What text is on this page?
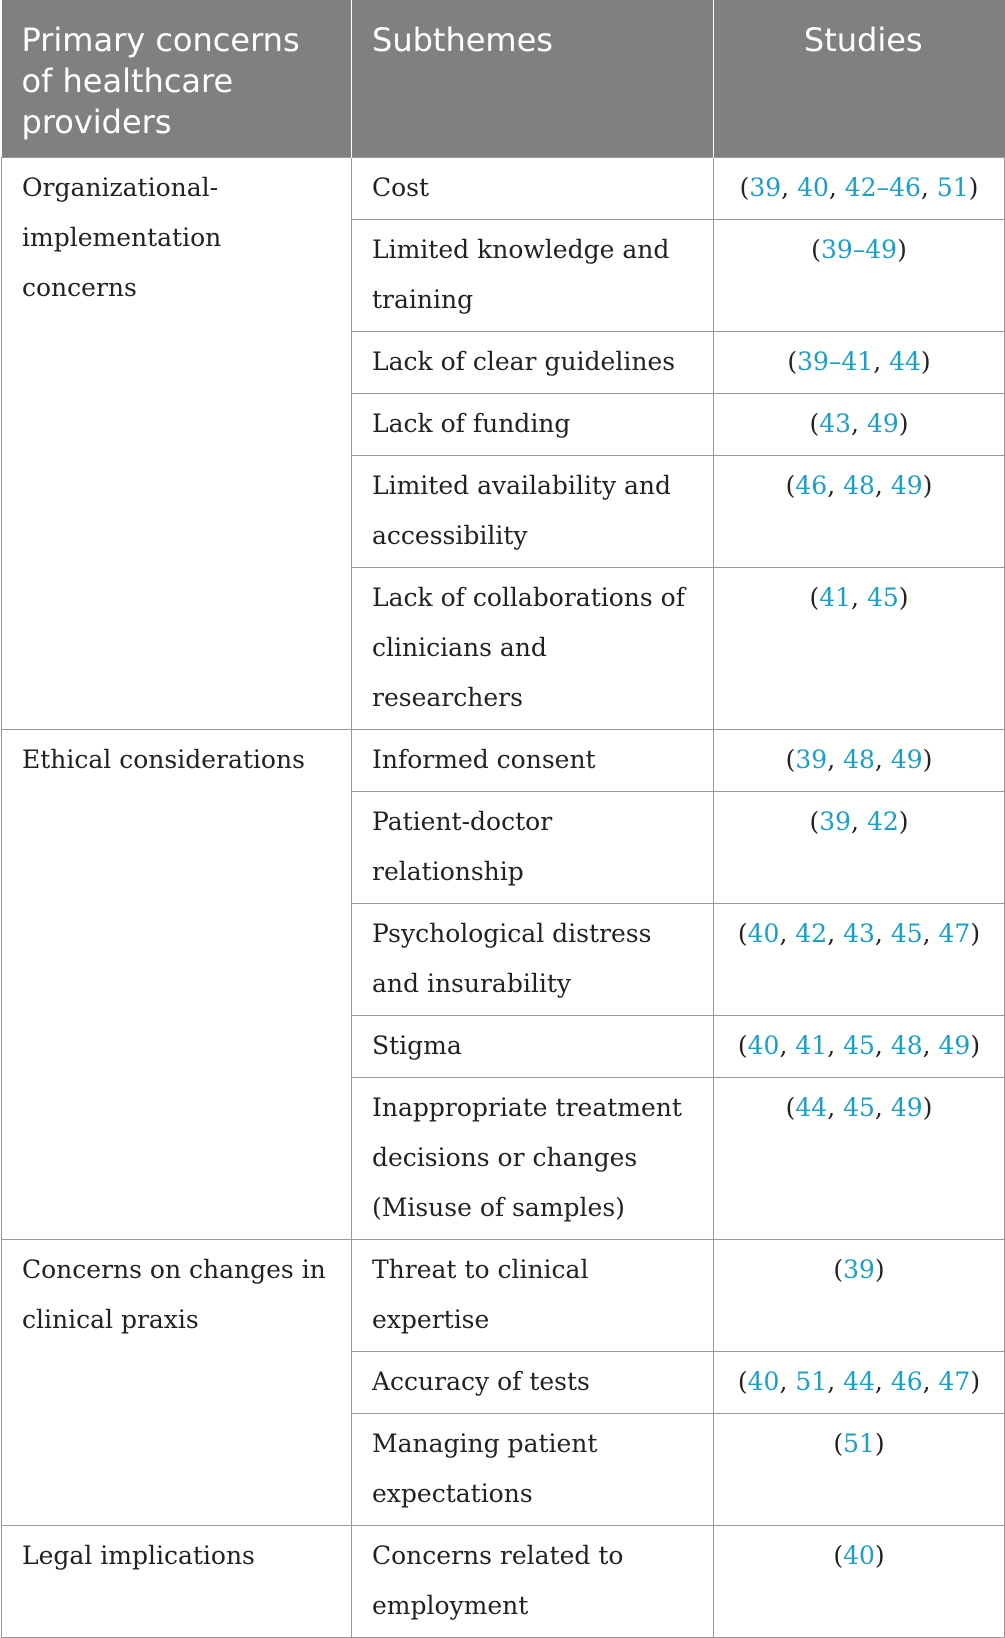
Primary concerns of healthcare providers	Subthemes	Studies
Organizational-implementation concerns	Cost	(39, 40, 42–46, 51)
	Limited knowledge and training	(39–49)
	Lack of clear guidelines	(39–41, 44)
	Lack of funding	(43, 49)
	Limited availability and accessibility	(46, 48, 49)
	Lack of collaborations of clinicians and researchers	(41, 45)
Ethical considerations	Informed consent	(39, 48, 49)
	Patient-doctor relationship	(39, 42)
	Psychological distress and insurability	(40, 42, 43, 45, 47)
	Stigma	(40, 41, 45, 48, 49)
	Inappropriate treatment decisions or changes (Misuse of samples)	(44, 45, 49)
Concerns on changes in clinical praxis	Threat to clinical expertise	(39)
	Accuracy of tests	(40, 51, 44, 46, 47)
	Managing patient expectations	(51)
Legal implications	Concerns related to employment	(40)
